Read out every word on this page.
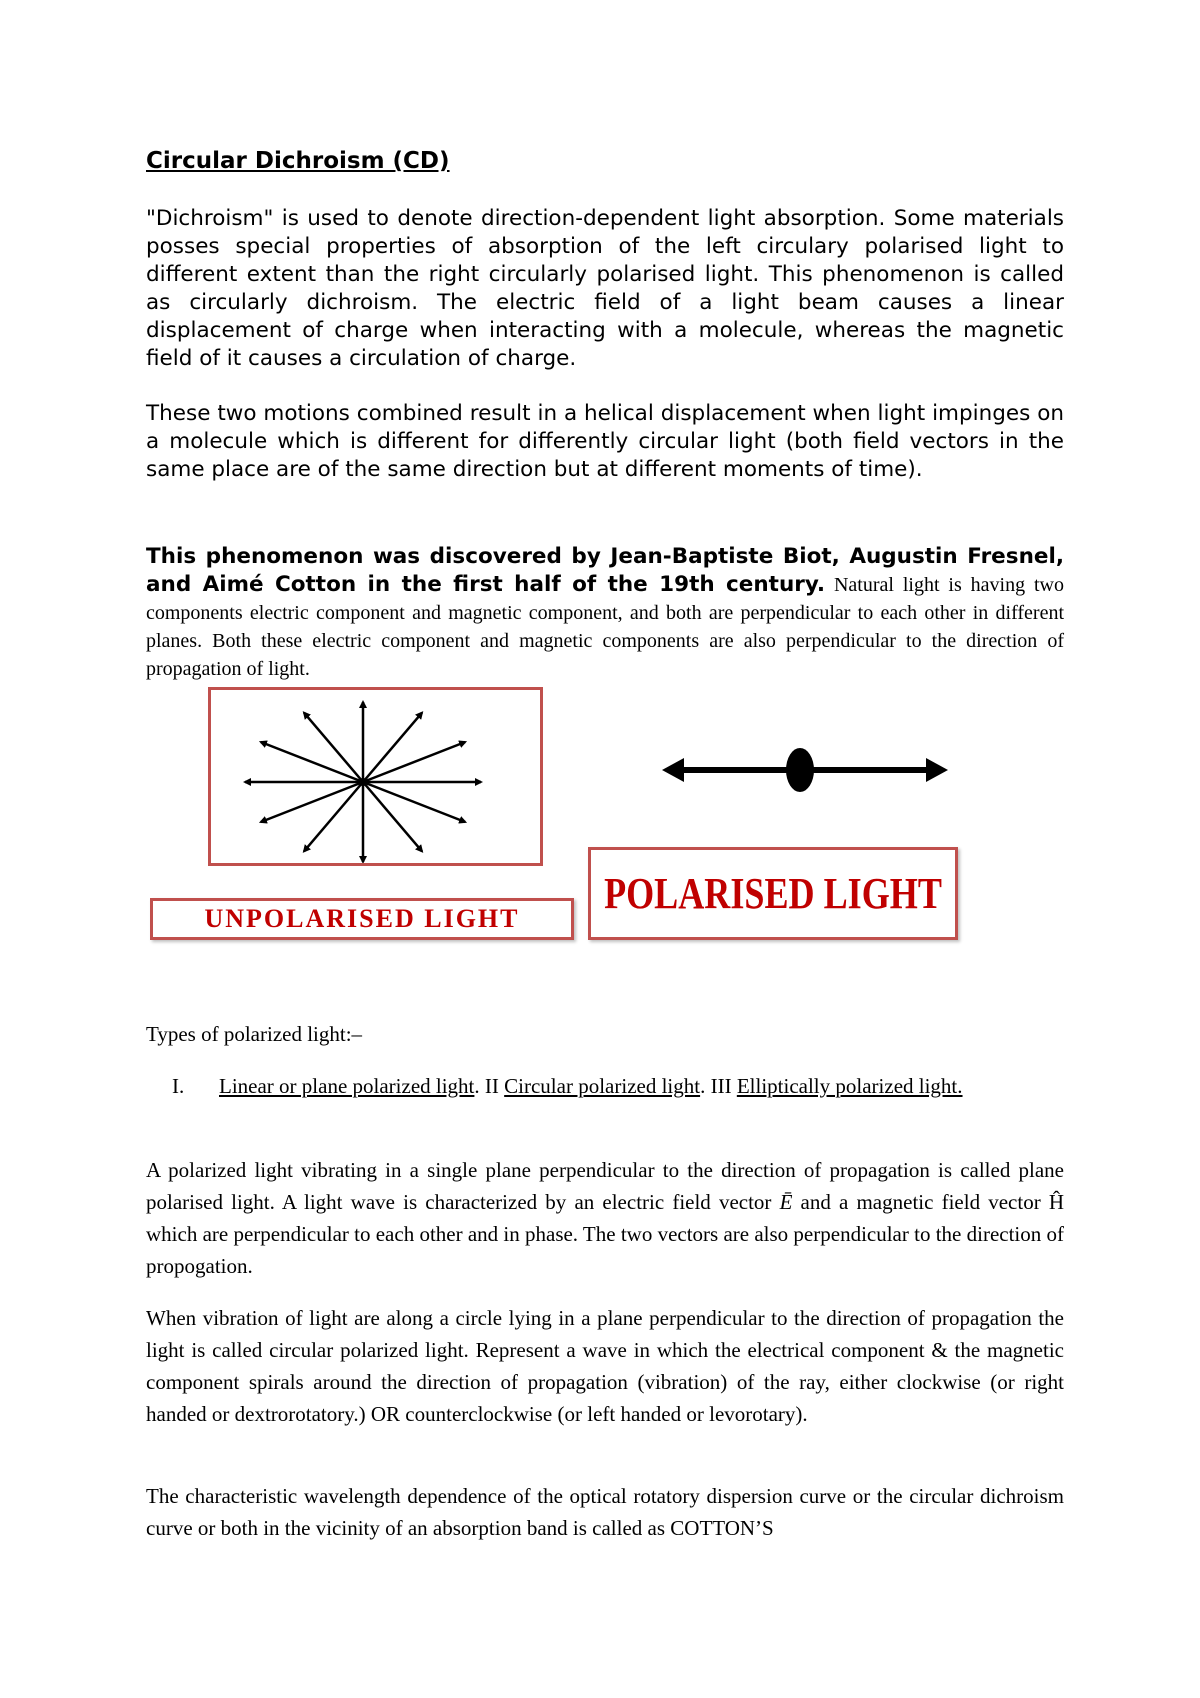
Circular Dichroism (CD)

"Dichroism" is used to denote direction-dependent light absorption. Some materials posses special properties of absorption of the left circulary polarised light to different extent than the right circularly polarised light. This phenomenon is called as circularly dichroism. The electric field of a light beam causes a linear displacement of charge when interacting with a molecule, whereas the magnetic field of it causes a circulation of charge.

These two motions combined result in a helical displacement when light impinges on a molecule which is different for differently circular light (both field vectors in the same place are of the same direction but at different moments of time).

This phenomenon was discovered by Jean-Baptiste Biot, Augustin Fresnel, and Aimé Cotton in the first half of the 19th century. Natural light is having two components electric component and magnetic component, and both are perpendicular to each other in different planes. Both these electric component and magnetic components are also perpendicular to the direction of propagation of light.

Types of polarized light:–

I.	Linear or plane polarized light. II Circular polarized light. III Elliptically polarized light.

A polarized light vibrating in a single plane perpendicular to the direction of propagation is called plane polarised light. A light wave is characterized by an electric field vector Ē and a magnetic field vector Ĥ which are perpendicular to each other and in phase. The two vectors are also perpendicular to the direction of propogation.

When vibration of light are along a circle lying in a plane perpendicular to the direction of propagation the light is called circular polarized light. Represent a wave in which the electrical component & the magnetic component spirals around the direction of propagation (vibration) of the ray, either clockwise (or right handed or dextrorotatory.) OR counterclockwise (or left handed or levorotary).

The characteristic wavelength dependence of the optical rotatory dispersion curve or the circular dichroism curve or both in the vicinity of an absorption band is called as COTTON’S

UNPOLARISED LIGHT
POLARISED LIGHT
